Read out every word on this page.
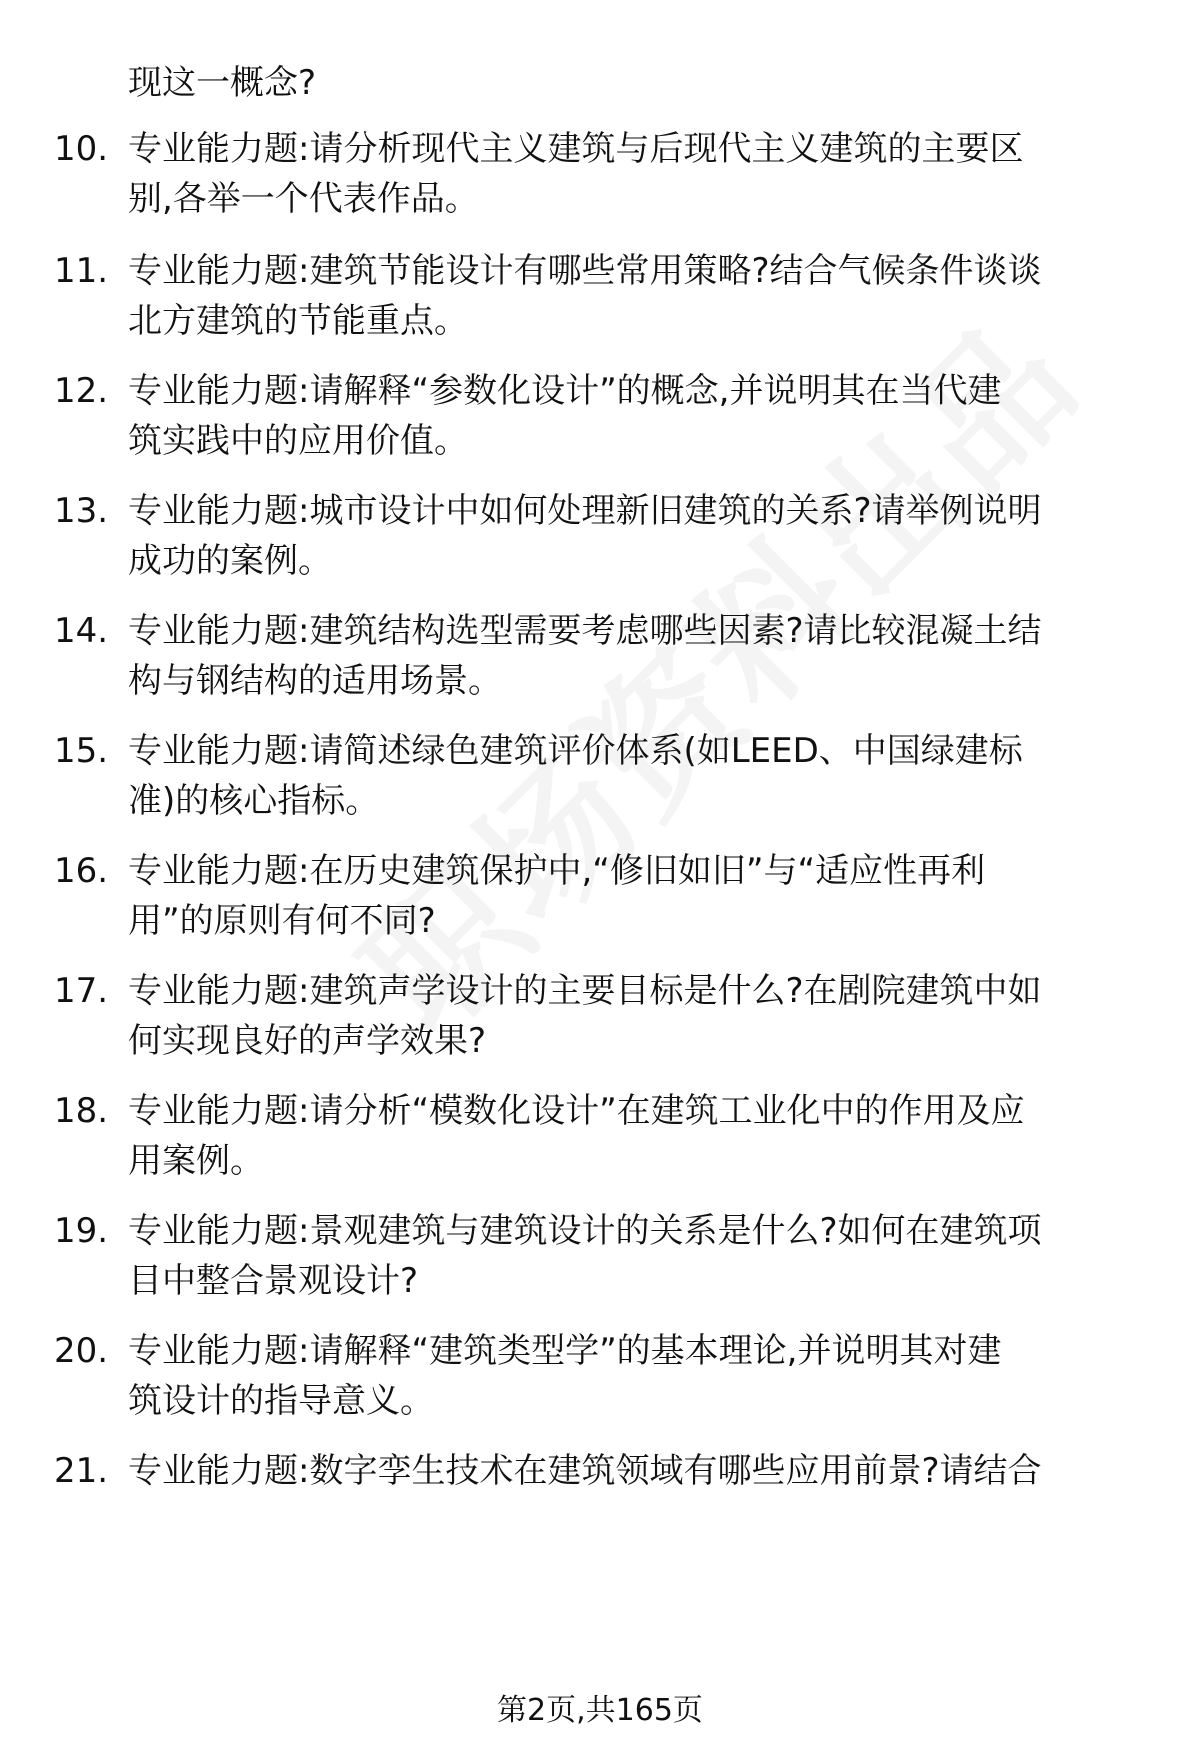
现这一概念?
10. 专业能力题:请分析现代主义建筑与后现代主义建筑的主要区
别,各举一个代表作品。
11. 专业能力题:建筑节能设计有哪些常用策略?结合气候条件谈谈
北方建筑的节能重点。
12. 专业能力题:请解释“参数化设计”的概念,并说明其在当代建
筑实践中的应用价值。
13. 专业能力题:城市设计中如何处理新旧建筑的关系?请举例说明
成功的案例。
14. 专业能力题:建筑结构选型需要考虑哪些因素?请比较混凝土结
构与钢结构的适用场景。
15. 专业能力题:请简述绿色建筑评价体系(如LEED、中国绿建标
准)的核心指标。
16. 专业能力题:在历史建筑保护中,“修旧如旧”与“适应性再利
用”的原则有何不同?
17. 专业能力题:建筑声学设计的主要目标是什么?在剧院建筑中如
何实现良好的声学效果?
18. 专业能力题:请分析“模数化设计”在建筑工业化中的作用及应
用案例。
19. 专业能力题:景观建筑与建筑设计的关系是什么?如何在建筑项
目中整合景观设计?
20. 专业能力题:请解释“建筑类型学”的基本理论,并说明其对建
筑设计的指导意义。
21. 专业能力题:数字孪生技术在建筑领域有哪些应用前景?请结合
第2页,共165页
